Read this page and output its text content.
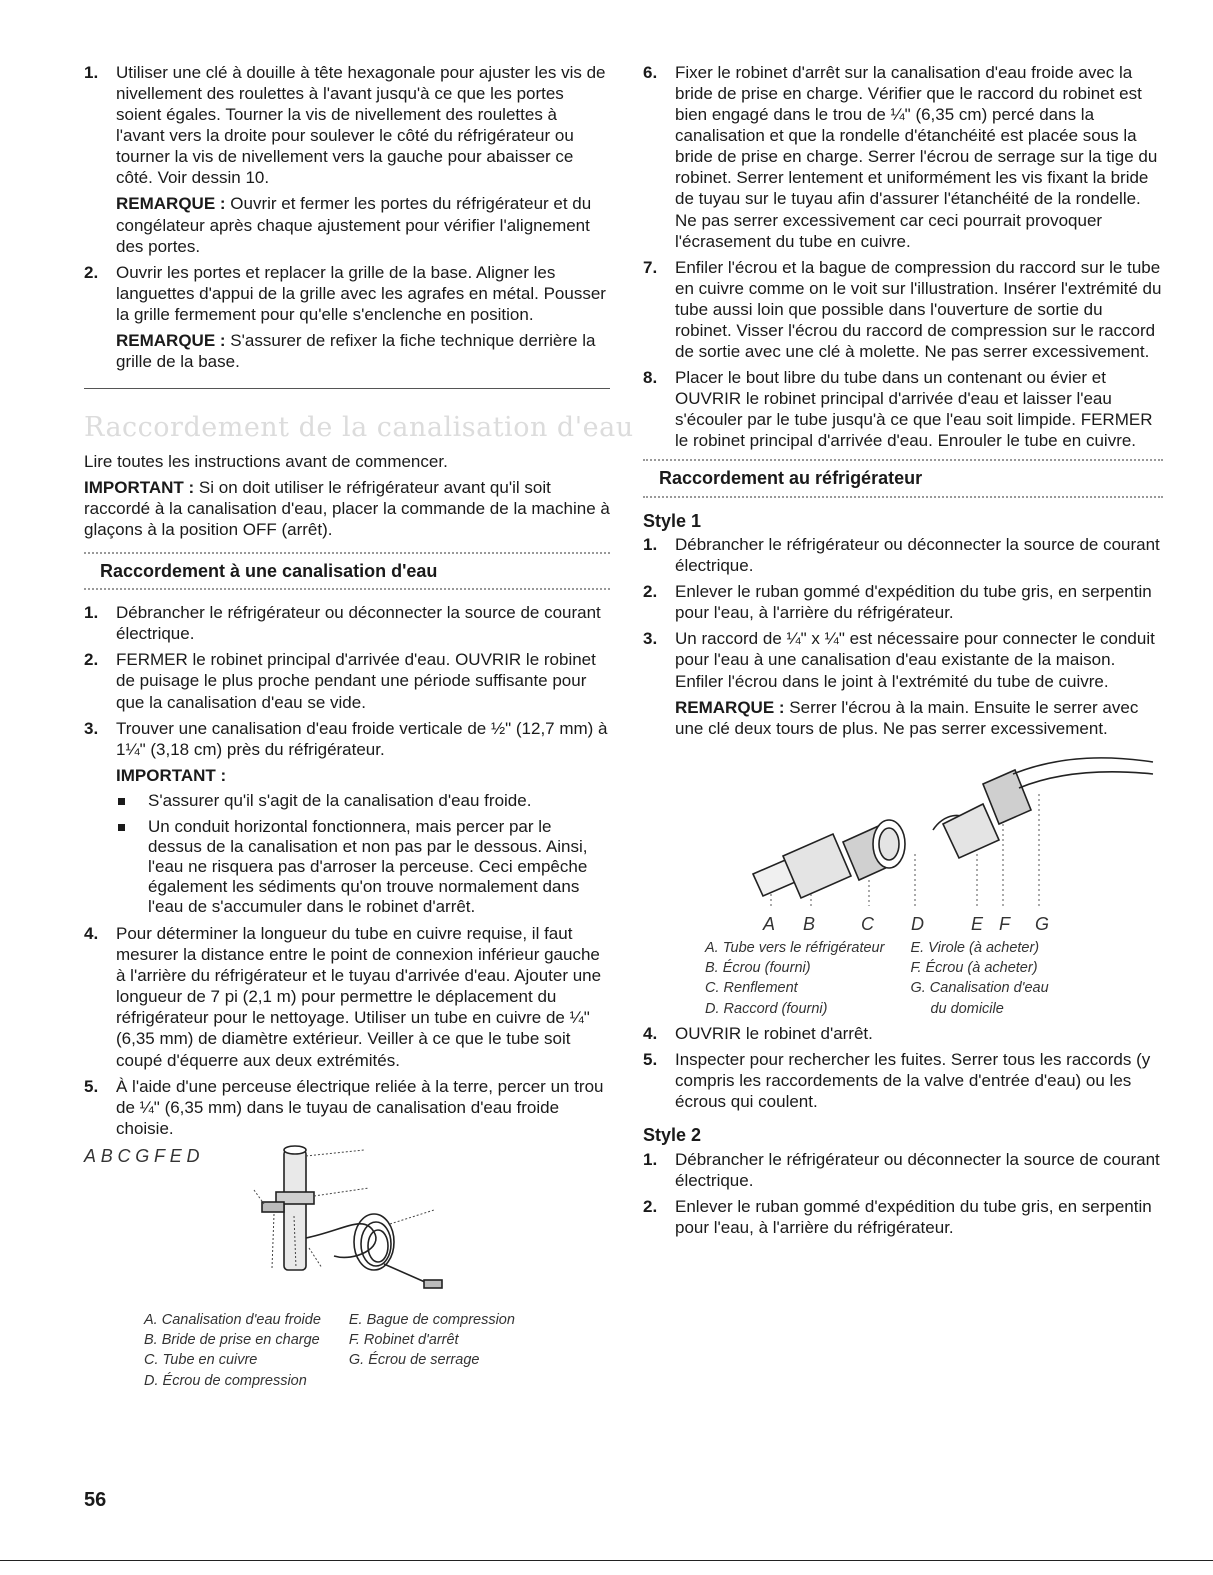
1. Utiliser une clé à douille à tête hexagonale pour ajuster les vis de nivellement des roulettes à l'avant jusqu'à ce que les portes soient égales. Tourner la vis de nivellement des roulettes à l'avant vers la droite pour soulever le côté du réfrigérateur ou tourner la vis de nivellement vers la gauche pour abaisser ce côté. Voir dessin 10.

REMARQUE : Ouvrir et fermer les portes du réfrigérateur et du congélateur après chaque ajustement pour vérifier l'alignement des portes.

2. Ouvrir les portes et replacer la grille de la base. Aligner les languettes d'appui de la grille avec les agrafes en métal. Pousser la grille fermement pour qu'elle s'enclenche en position.

REMARQUE : S'assurer de refixer la fiche technique derrière la grille de la base.

Raccordement de la canalisation d'eau

Lire toutes les instructions avant de commencer.

IMPORTANT : Si on doit utiliser le réfrigérateur avant qu'il soit raccordé à la canalisation d'eau, placer la commande de la machine à glaçons à la position OFF (arrêt).

Raccordement à une canalisation d'eau
1. Débrancher le réfrigérateur ou déconnecter la source de courant électrique.

2. FERMER le robinet principal d'arrivée d'eau. OUVRIR le robinet de puisage le plus proche pendant une période suffisante pour que la canalisation d'eau se vide.

3. Trouver une canalisation d'eau froide verticale de ½" (12,7 mm) à 1¼" (3,18 cm) près du réfrigérateur.

IMPORTANT :

S'assurer qu'il s'agit de la canalisation d'eau froide.
Un conduit horizontal fonctionnera, mais percer par le dessus de la canalisation et non pas par le dessous. Ainsi, l'eau ne risquera pas d'arroser la perceuse. Ceci empêche également les sédiments qu'on trouve normalement dans l'eau de s'accumuler dans le robinet d'arrêt.
4. Pour déterminer la longueur du tube en cuivre requise, il faut mesurer la distance entre le point de connexion inférieur gauche à l'arrière du réfrigérateur et le tuyau d'arrivée d'eau. Ajouter une longueur de 7 pi (2,1 m) pour permettre le déplacement du réfrigérateur pour le nettoyage. Utiliser un tube en cuivre de ¼" (6,35 mm) de diamètre extérieur. Veiller à ce que le tube soit coupé d'équerre aux deux extrémités.

5. À l'aide d'une perceuse électrique reliée à la terre, percer un trou de ¼" (6,35 mm) dans le tuyau de canalisation d'eau froide choisie.

A B C G F E D
A. Canalisation d'eau froide
B. Bride de prise en charge
C. Tube en cuivre
D. Écrou de compression
E. Bague de compression
F. Robinet d'arrêt
G. Écrou de serrage
6. Fixer le robinet d'arrêt sur la canalisation d'eau froide avec la bride de prise en charge. Vérifier que le raccord du robinet est bien engagé dans le trou de ¼" (6,35 cm) percé dans la canalisation et que la rondelle d'étanchéité est placée sous la bride de prise en charge. Serrer l'écrou de serrage sur la tige du robinet. Serrer lentement et uniformément les vis fixant la bride de tuyau sur le tuyau afin d'assurer l'étanchéité de la rondelle. Ne pas serrer excessivement car ceci pourrait provoquer l'écrasement du tube en cuivre.

7. Enfiler l'écrou et la bague de compression du raccord sur le tube en cuivre comme on le voit sur l'illustration. Insérer l'extrémité du tube aussi loin que possible dans l'ouverture de sortie du robinet. Visser l'écrou du raccord de compression sur le raccord de sortie avec une clé à molette. Ne pas serrer excessivement.

8. Placer le bout libre du tube dans un contenant ou évier et OUVRIR le robinet principal d'arrivée d'eau et laisser l'eau s'écouler par le tube jusqu'à ce que l'eau soit limpide. FERMER le robinet principal d'arrivée d'eau. Enrouler le tube en cuivre.

Raccordement au réfrigérateur
Style 1
1. Débrancher le réfrigérateur ou déconnecter la source de courant électrique.

2. Enlever le ruban gommé d'expédition du tube gris, en serpentin pour l'eau, à l'arrière du réfrigérateur.

3. Un raccord de ¼" x ¼" est nécessaire pour connecter le conduit pour l'eau à une canalisation d'eau existante de la maison. Enfiler l'écrou dans le joint à l'extrémité du tube de cuivre.

REMARQUE : Serrer l'écrou à la main. Ensuite le serrer avec une clé deux tours de plus. Ne pas serrer excessivement.

A B	C D	E F G
A. Tube vers le réfrigérateur
B. Écrou (fourni)
C. Renflement
D. Raccord (fourni)
E. Virole (à acheter)
F. Écrou (à acheter)
G. Canalisation d'eau
du domicile
4. OUVRIR le robinet d'arrêt.

5. Inspecter pour rechercher les fuites. Serrer tous les raccords (y compris les raccordements de la valve d'entrée d'eau) ou les écrous qui coulent.

Style 2
1. Débrancher le réfrigérateur ou déconnecter la source de courant électrique.

2. Enlever le ruban gommé d'expédition du tube gris, en serpentin pour l'eau, à l'arrière du réfrigérateur.

56
